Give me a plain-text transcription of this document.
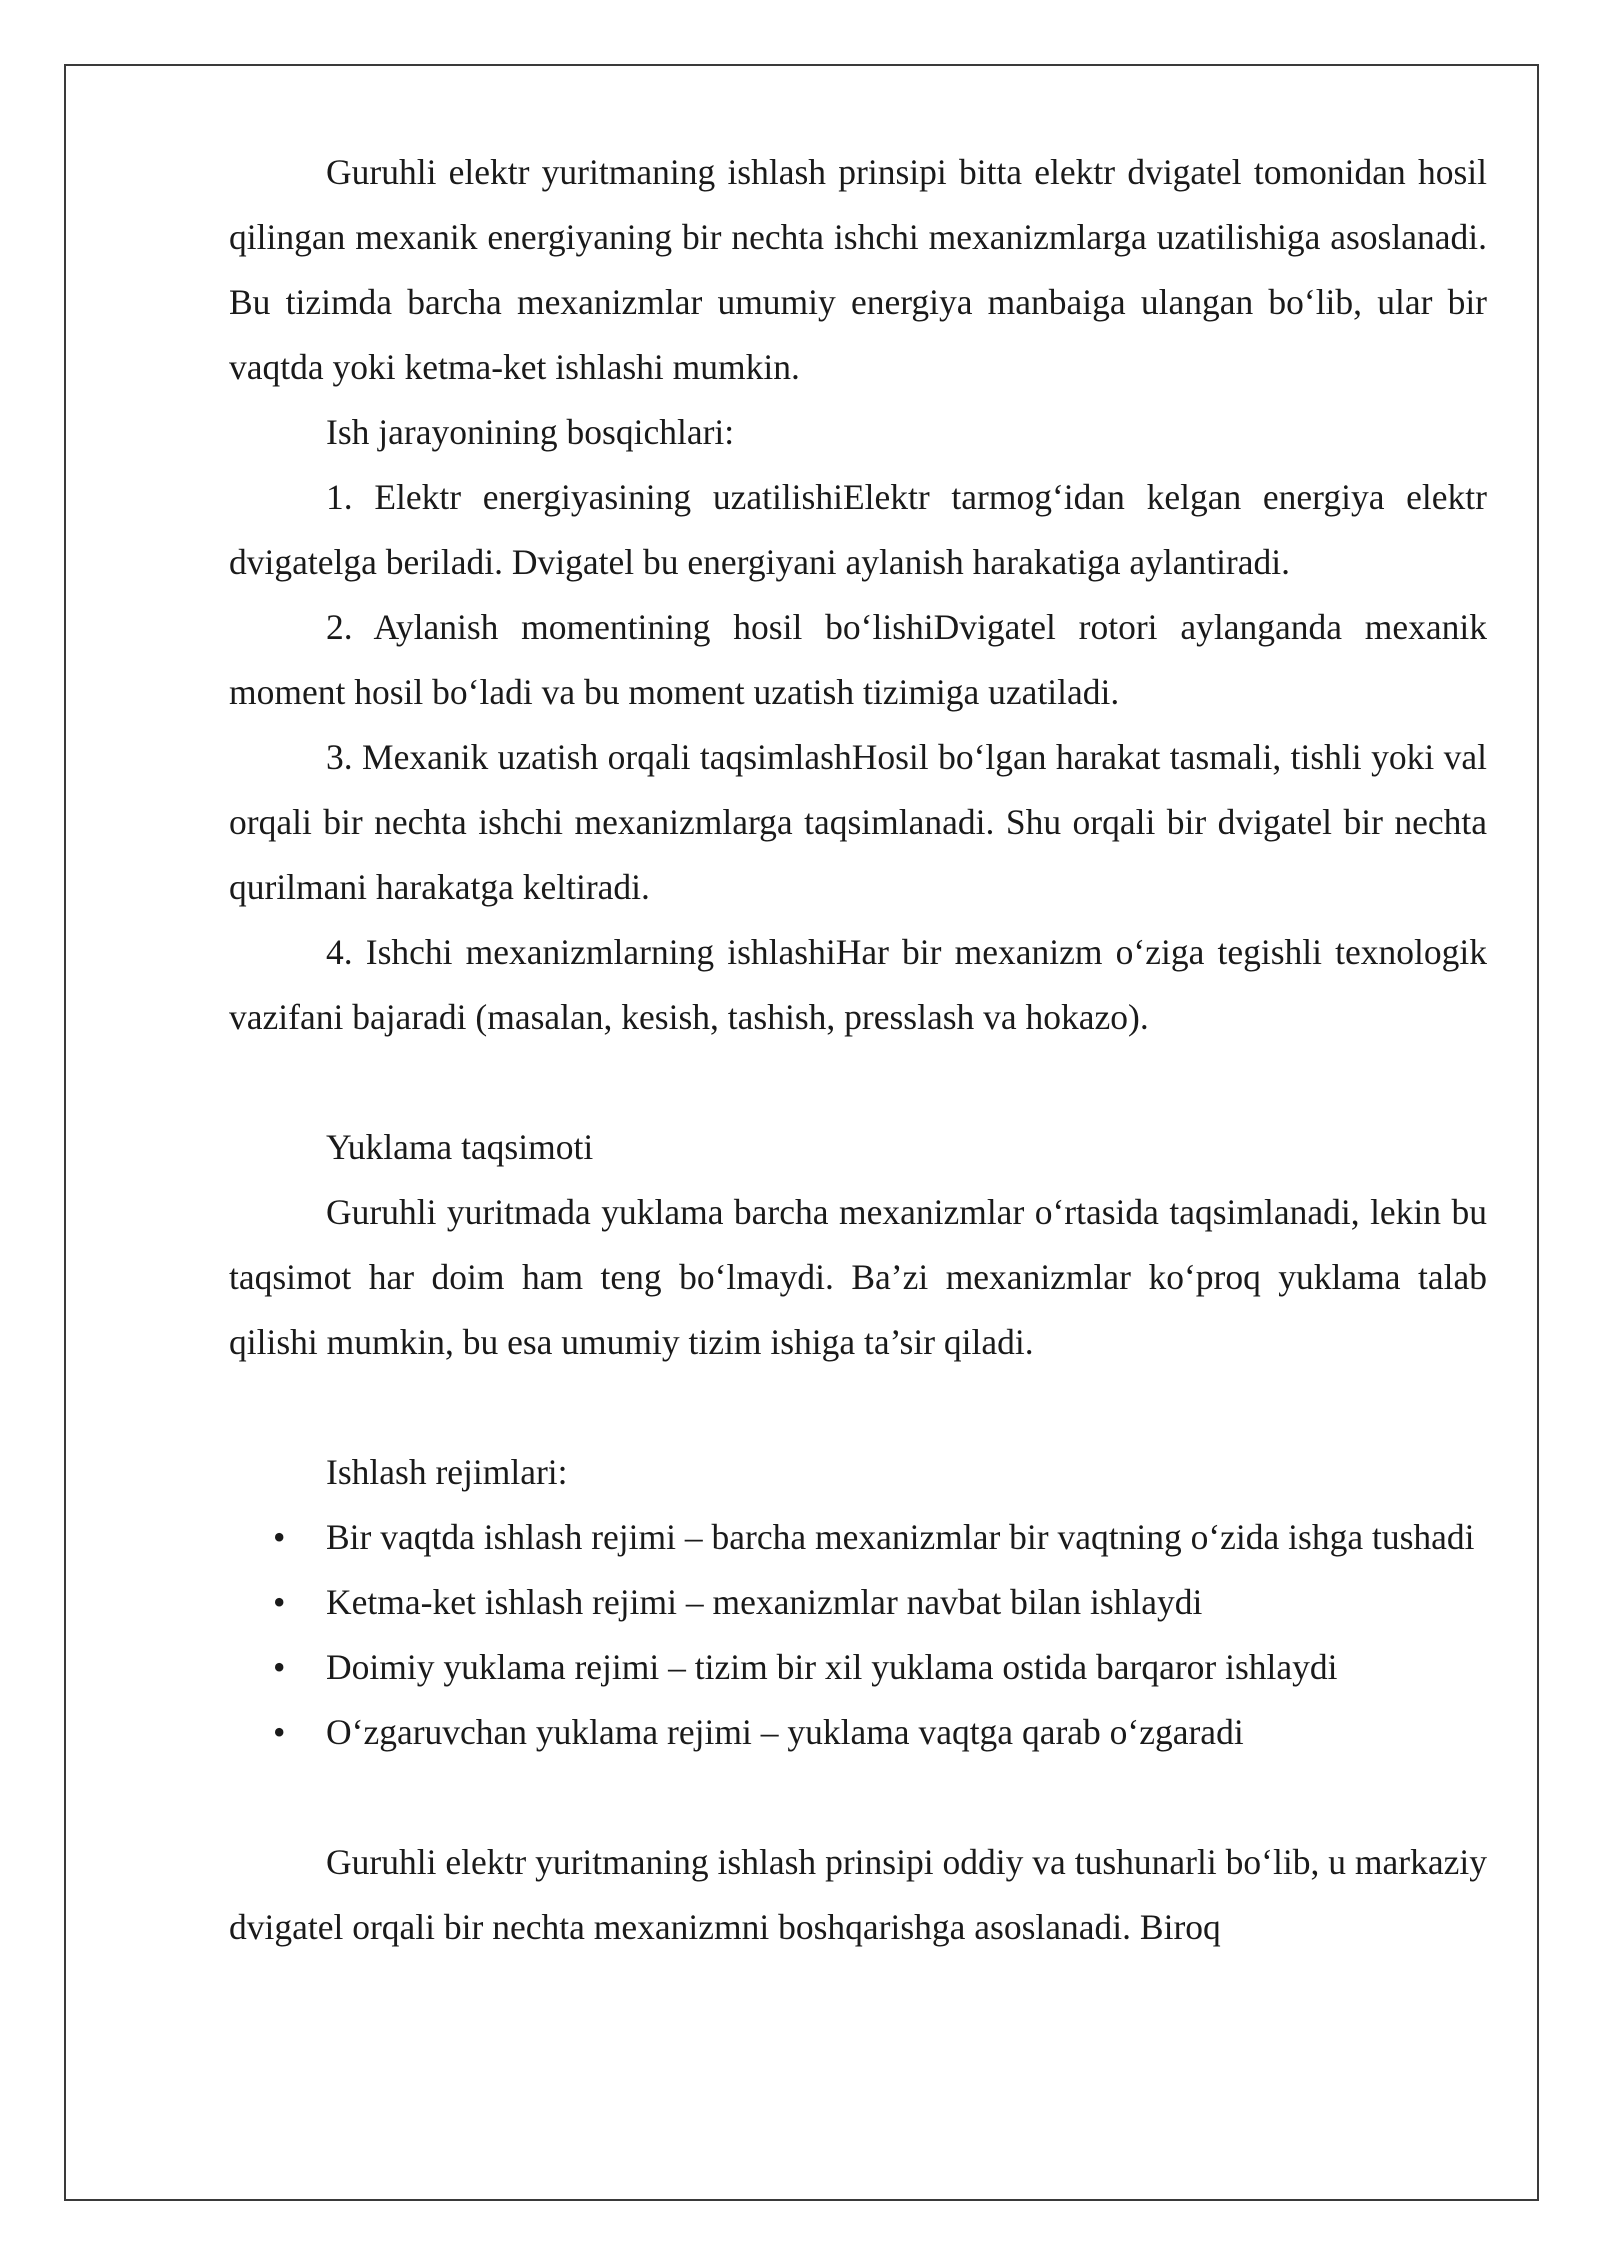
Guruhli elektr yuritmaning ishlash prinsipi bitta elektr dvigatel tomonidan hosil qilingan mexanik energiyaning bir nechta ishchi mexanizmlarga uzatilishiga asoslanadi. Bu tizimda barcha mexanizmlar umumiy energiya manbaiga ulangan bo‘lib, ular bir vaqtda yoki ketma-ket ishlashi mumkin.

Ish jarayonining bosqichlari:

1. Elektr energiyasining uzatilishiElektr tarmog‘idan kelgan energiya elektr dvigatelga beriladi. Dvigatel bu energiyani aylanish harakatiga aylantiradi.

2. Aylanish momentining hosil bo‘lishiDvigatel rotori aylanganda mexanik moment hosil bo‘ladi va bu moment uzatish tizimiga uzatiladi.

3. Mexanik uzatish orqali taqsimlashHosil bo‘lgan harakat tasmali, tishli yoki val orqali bir nechta ishchi mexanizmlarga taqsimlanadi. Shu orqali bir dvigatel bir nechta qurilmani harakatga keltiradi.

4. Ishchi mexanizmlarning ishlashiHar bir mexanizm o‘ziga tegishli texnologik vazifani bajaradi (masalan, kesish, tashish, presslash va hokazo).

Yuklama taqsimoti

Guruhli yuritmada yuklama barcha mexanizmlar o‘rtasida taqsimlanadi, lekin bu taqsimot har doim ham teng bo‘lmaydi. Ba’zi mexanizmlar ko‘proq yuklama talab qilishi mumkin, bu esa umumiy tizim ishiga ta’sir qiladi.

Ishlash rejimlari:

• Bir vaqtda ishlash rejimi – barcha mexanizmlar bir vaqtning o‘zida ishga tushadi
• Ketma-ket ishlash rejimi – mexanizmlar navbat bilan ishlaydi
• Doimiy yuklama rejimi – tizim bir xil yuklama ostida barqaror ishlaydi
• O‘zgaruvchan yuklama rejimi – yuklama vaqtga qarab o‘zgaradi

Guruhli elektr yuritmaning ishlash prinsipi oddiy va tushunarli bo‘lib, u markaziy dvigatel orqali bir nechta mexanizmni boshqarishga asoslanadi. Biroq
